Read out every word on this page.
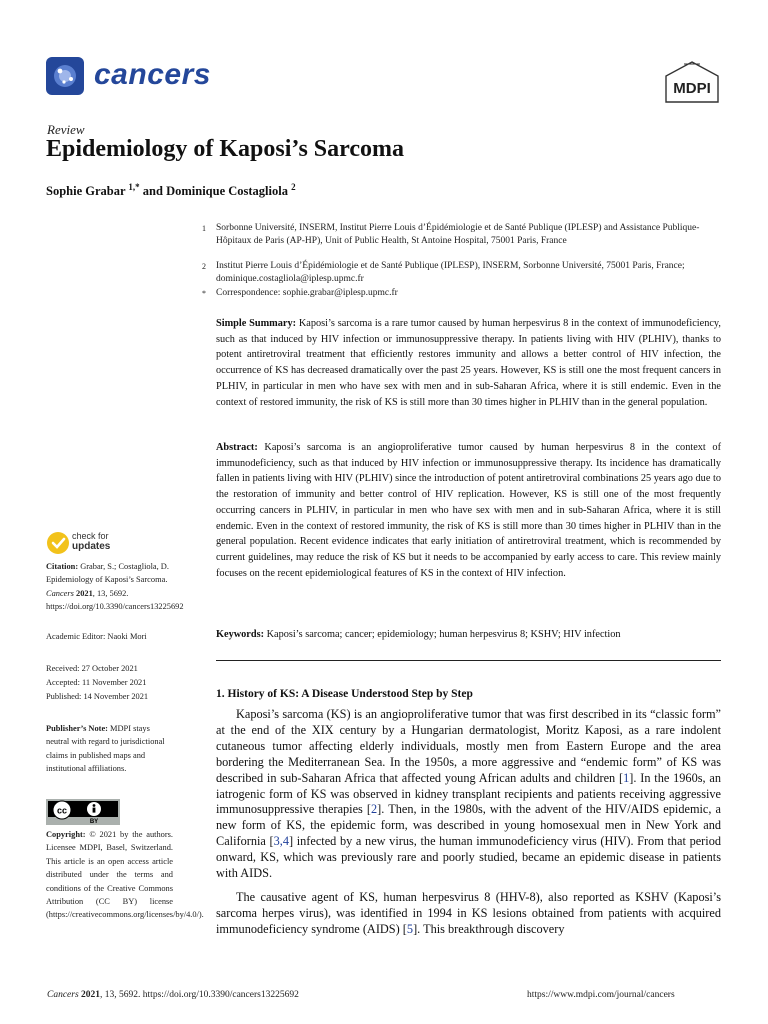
cancers	MDPI
Review
Epidemiology of Kaposi’s Sarcoma
Sophie Grabar $^{1,*}$ and Dominique Costagliola $^2$
1 Sorbonne Université, INSERM, Institut Pierre Louis d’Épidémiologie et de Santé Publique (IPLESP) and Assistance Publique-Hôpitaux de Paris (AP-HP), Unit of Public Health, St Antoine Hospital, 75001 Paris, France
2 Institut Pierre Louis d’Épidémiologie et de Santé Publique (IPLESP), INSERM, Sorbonne Université, 75001 Paris, France; dominique.costagliola@iplesp.upmc.fr
* Correspondence: sophie.grabar@iplesp.upmc.fr
Simple Summary: Kaposi’s sarcoma is a rare tumor caused by human herpesvirus 8 in the context of immunodeficiency, such as that induced by HIV infection or immunosuppressive therapy. In patients living with HIV (PLHIV), thanks to potent antiretroviral treatment that efficiently restores immunity and allows a better control of HIV infection, the occurrence of KS has decreased dramatically over the past 25 years. However, KS is still one the most frequent cancers in PLHIV, in particular in men who have sex with men and in sub-Saharan Africa, where it is still endemic. Even in the context of restored immunity, the risk of KS is still more than 30 times higher in PLHIV than in the general population.
Abstract: Kaposi’s sarcoma is an angioproliferative tumor caused by human herpesvirus 8 in the context of immunodeficiency, such as that induced by HIV infection or immunosuppressive therapy. Its incidence has dramatically fallen in patients living with HIV (PLHIV) since the introduction of potent antiretroviral combinations 25 years ago due to the restoration of immunity and better control of HIV replication. However, KS is still one of the most frequently occurring cancers in PLHIV, in particular in men who have sex with men and in sub-Saharan Africa, where it is still endemic. Even in the context of restored immunity, the risk of KS is still more than 30 times higher in PLHIV than in the general population. Recent evidence indicates that early initiation of antiretroviral treatment, which is recommended by current guidelines, may reduce the risk of KS but it needs to be accompanied by early access to care. This review mainly focuses on the recent epidemiological features of KS in the context of HIV infection.
Keywords: Kaposi’s sarcoma; cancer; epidemiology; human herpesvirus 8; KSHV; HIV infection
1. History of KS: A Disease Understood Step by Step
Kaposi’s sarcoma (KS) is an angioproliferative tumor that was first described in its “classic form” at the end of the XIX century by a Hungarian dermatologist, Moritz Kaposi, as a rare indolent cutaneous tumor affecting elderly individuals, mostly men from Eastern Europe and the area bordering the Mediterranean Sea. In the 1950s, a more aggressive and “endemic form” of KS was described in sub-Saharan Africa that affected young African adults and children [1]. In the 1960s, an iatrogenic form of KS was observed in kidney transplant recipients and patients receiving aggressive immunosuppressive therapies [2]. Then, in the 1980s, with the advent of the HIV/AIDS epidemic, a new form of KS, the epidemic form, was described in young homosexual men in New York and California [3,4] infected by a new virus, the human immunodeficiency virus (HIV). From that period onward, KS, which was previously rare and poorly studied, became an epidemic disease in patients with AIDS.
The causative agent of KS, human herpesvirus 8 (HHV-8), also reported as KSHV (Kaposi’s sarcoma herpes virus), was identified in 1994 in KS lesions obtained from patients with acquired immunodeficiency syndrome (AIDS) [5]. This breakthrough discovery
check for
updates
Citation: Grabar, S.; Costagliola, D. Epidemiology of Kaposi’s Sarcoma. Cancers 2021, 13, 5692. https://doi.org/10.3390/cancers13225692
Academic Editor: Naoki Mori
Received: 27 October 2021
Accepted: 11 November 2021
Published: 14 November 2021
Publisher’s Note: MDPI stays neutral with regard to jurisdictional claims in published maps and institutional affiliations.
cc
BY
Copyright: © 2021 by the authors. Licensee MDPI, Basel, Switzerland. This article is an open access article distributed under the terms and conditions of the Creative Commons Attribution (CC BY) license (https://creativecommons.org/licenses/by/4.0/).
Cancers 2021, 13, 5692. https://doi.org/10.3390/cancers13225692	https://www.mdpi.com/journal/cancers
